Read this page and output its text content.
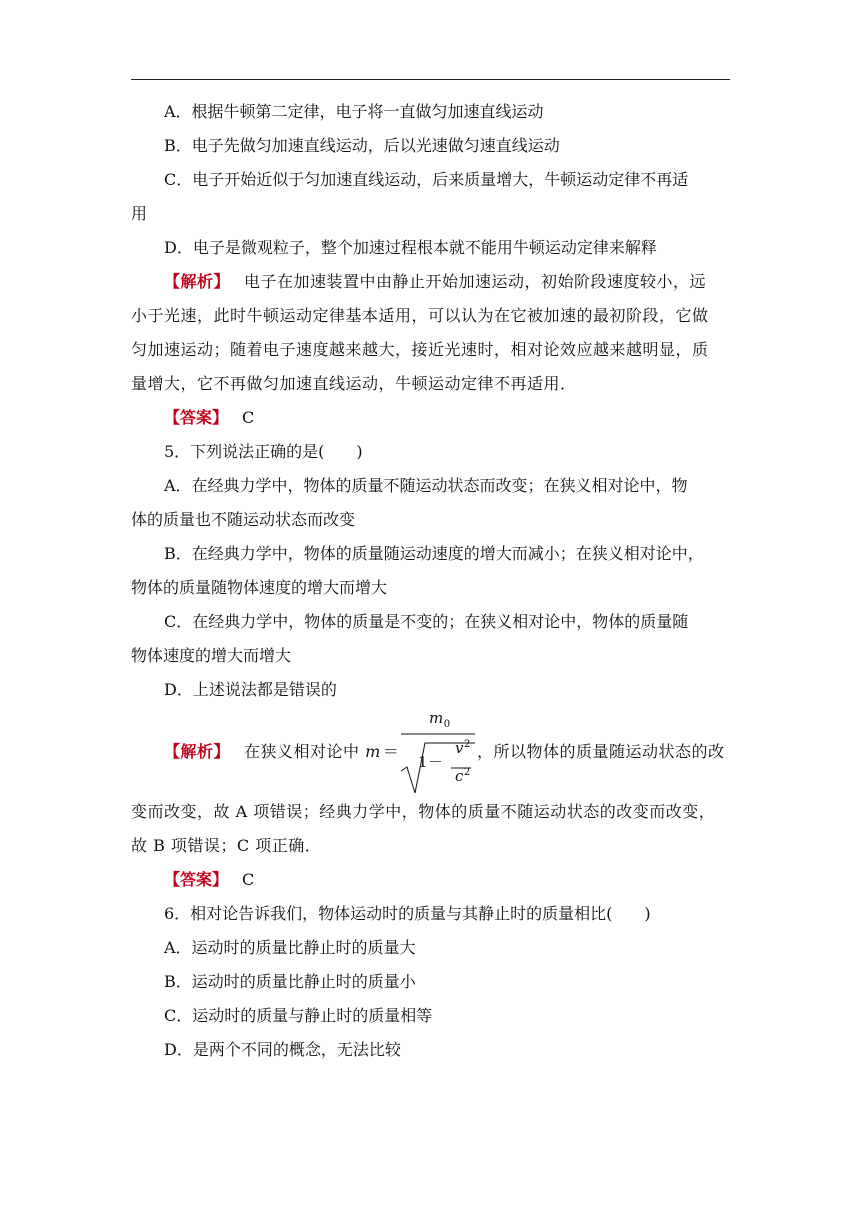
A．根据牛顿第二定律，电子将一直做匀加速直线运动

B．电子先做匀加速直线运动，后以光速做匀速直线运动

C．电子开始近似于匀加速直线运动，后来质量增大，牛顿运动定律不再适

用

D．电子是微观粒子，整个加速过程根本就不能用牛顿运动定律来解释

【解析】 电子在加速装置中由静止开始加速运动，初始阶段速度较小，远

小于光速，此时牛顿运动定律基本适用，可以认为在它被加速的最初阶段，它做

匀加速运动；随着电子速度越来越大，接近光速时，相对论效应越来越明显，质

量增大，它不再做匀加速直线运动，牛顿运动定律不再适用．

【答案】 C

5．下列说法正确的是(　　)

A．在经典力学中，物体的质量不随运动状态而改变；在狭义相对论中，物

体的质量也不随运动状态而改变

B．在经典力学中，物体的质量随运动速度的增大而减小；在狭义相对论中，

物体的质量随物体速度的增大而增大

C．在经典力学中，物体的质量是不变的；在狭义相对论中，物体的质量随

物体速度的增大而增大

D．上述说法都是错误的

【解析】 在狭义相对论中 m ＝
$m_0$
1－
$v^2$
$c^2$
，所以物体的质量随运动状态的改

变而改变，故 A 项错误；经典力学中，物体的质量不随运动状态的改变而改变，

故 B 项错误；C 项正确．

【答案】 C

6．相对论告诉我们，物体运动时的质量与其静止时的质量相比(　　)

A．运动时的质量比静止时的质量大

B．运动时的质量比静止时的质量小

C．运动时的质量与静止时的质量相等

D．是两个不同的概念，无法比较
